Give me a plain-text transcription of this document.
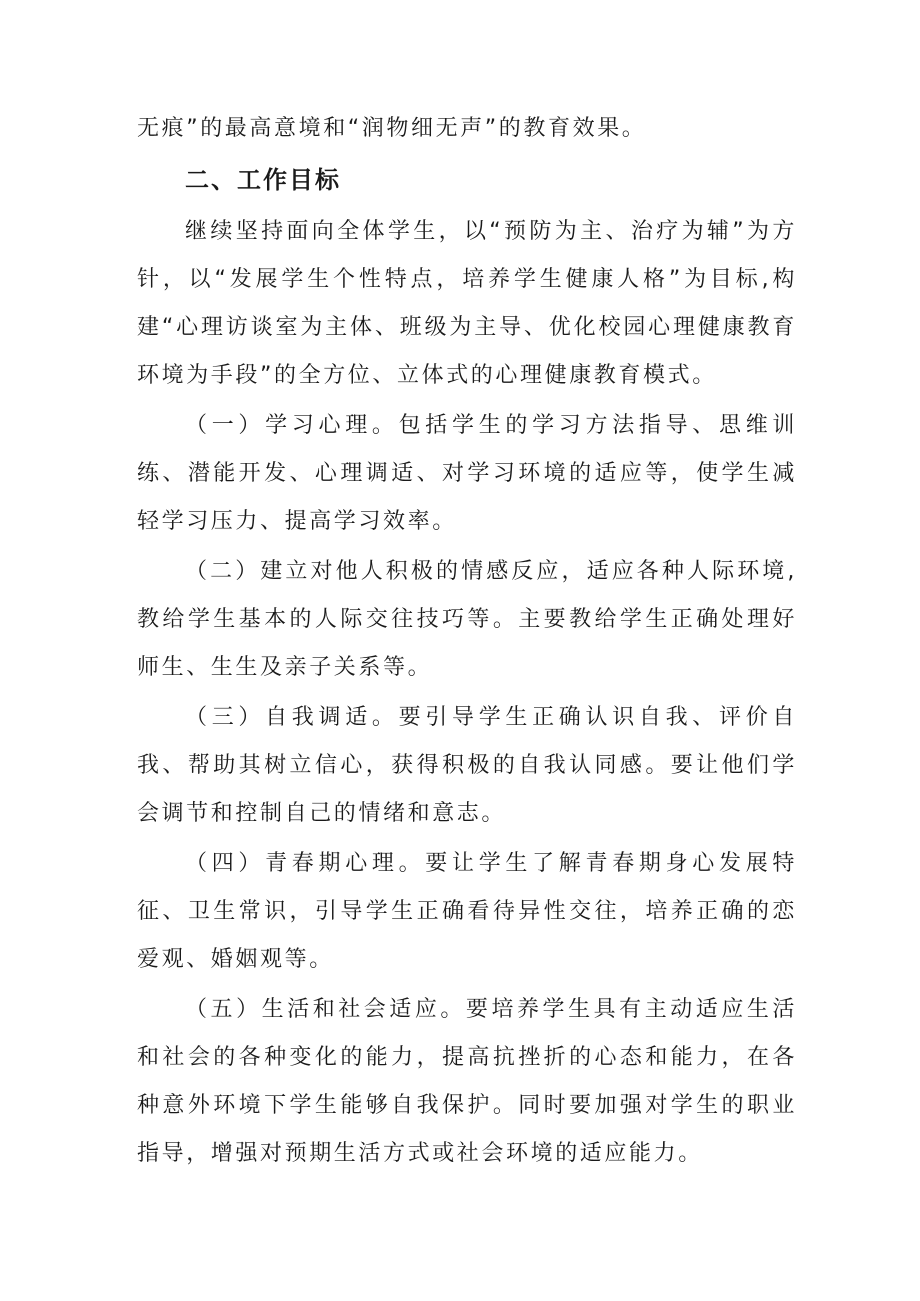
无痕”的最高意境和“润物细无声”的教育效果。

二、工作目标

继续坚持面向全体学生，以“预防为主、治疗为辅”为方针，以“发展学生个性特点，培养学生健康人格”为目标,构建“心理访谈室为主体、班级为主导、优化校园心理健康教育环境为手段”的全方位、立体式的心理健康教育模式。

（一）学习心理。包括学生的学习方法指导、思维训练、潜能开发、心理调适、对学习环境的适应等，使学生减轻学习压力、提高学习效率。

（二）建立对他人积极的情感反应，适应各种人际环境,教给学生基本的人际交往技巧等。主要教给学生正确处理好师生、生生及亲子关系等。

（三）自我调适。要引导学生正确认识自我、评价自我、帮助其树立信心，获得积极的自我认同感。要让他们学会调节和控制自己的情绪和意志。

（四）青春期心理。要让学生了解青春期身心发展特征、卫生常识，引导学生正确看待异性交往，培养正确的恋爱观、婚姻观等。

（五）生活和社会适应。要培养学生具有主动适应生活和社会的各种变化的能力，提高抗挫折的心态和能力，在各种意外环境下学生能够自我保护。同时要加强对学生的职业指导，增强对预期生活方式或社会环境的适应能力。
